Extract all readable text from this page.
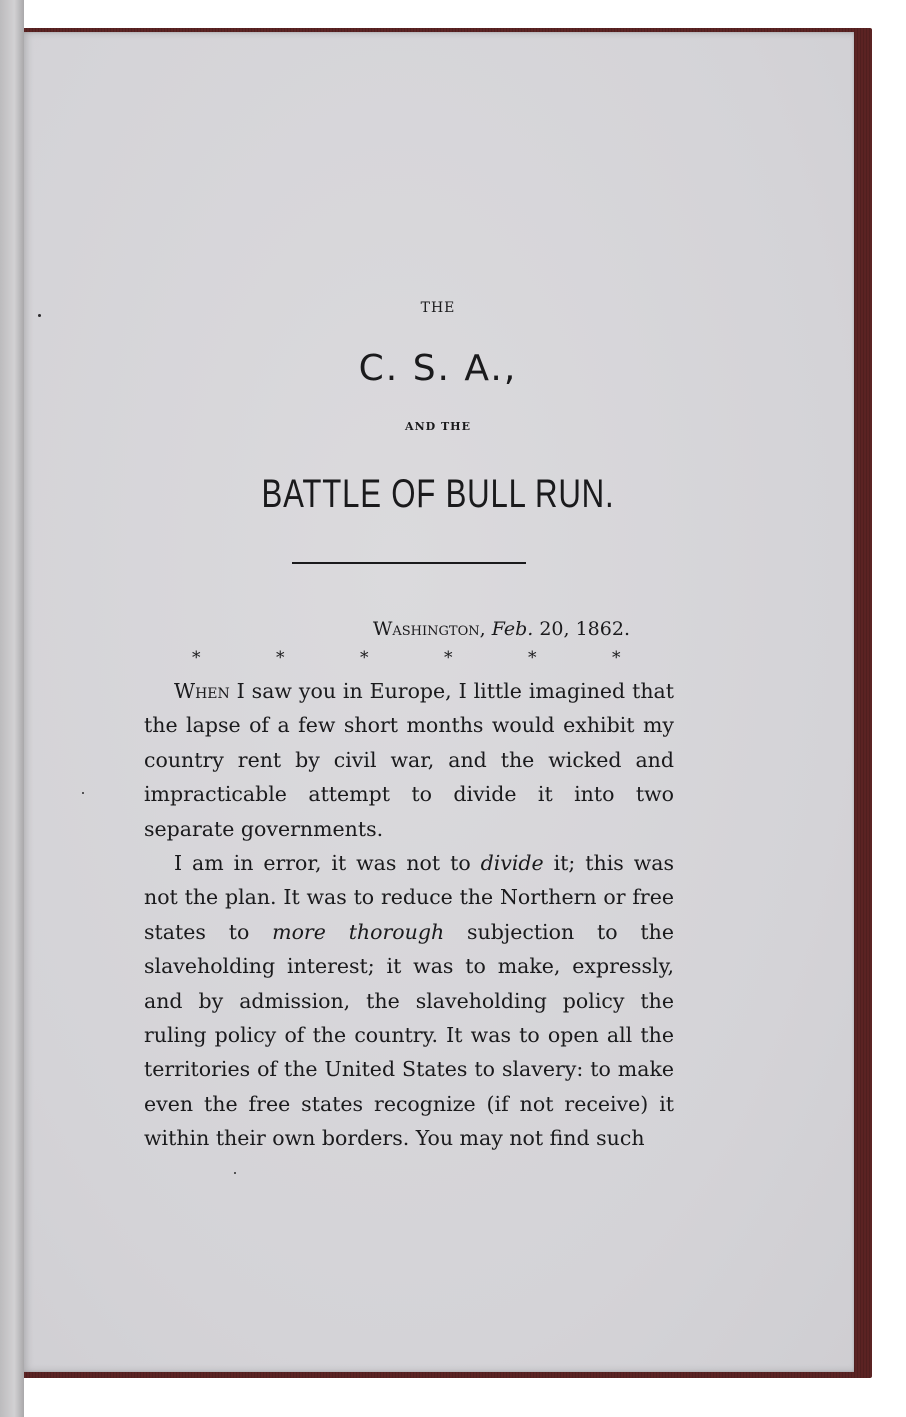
THE
C. S. A.,
AND THE
BATTLE OF BULL RUN.
Washington, Feb. 20, 1862.
*	*	*	*	*	*

When I saw you in Europe, I little imagined that the lapse of a few short months would exhibit my country rent by civil war, and the wicked and impracticable attempt to divide it into two separate governments.

I am in error, it was not to divide it; this was not the plan. It was to reduce the Northern or free states to more thorough subjection to the slaveholding interest; it was to make, expressly, and by admission, the slaveholding policy the ruling policy of the country. It was to open all the territories of the United States to slavery: to make even the free states recognize (if not receive) it within their own borders. You may not find such
